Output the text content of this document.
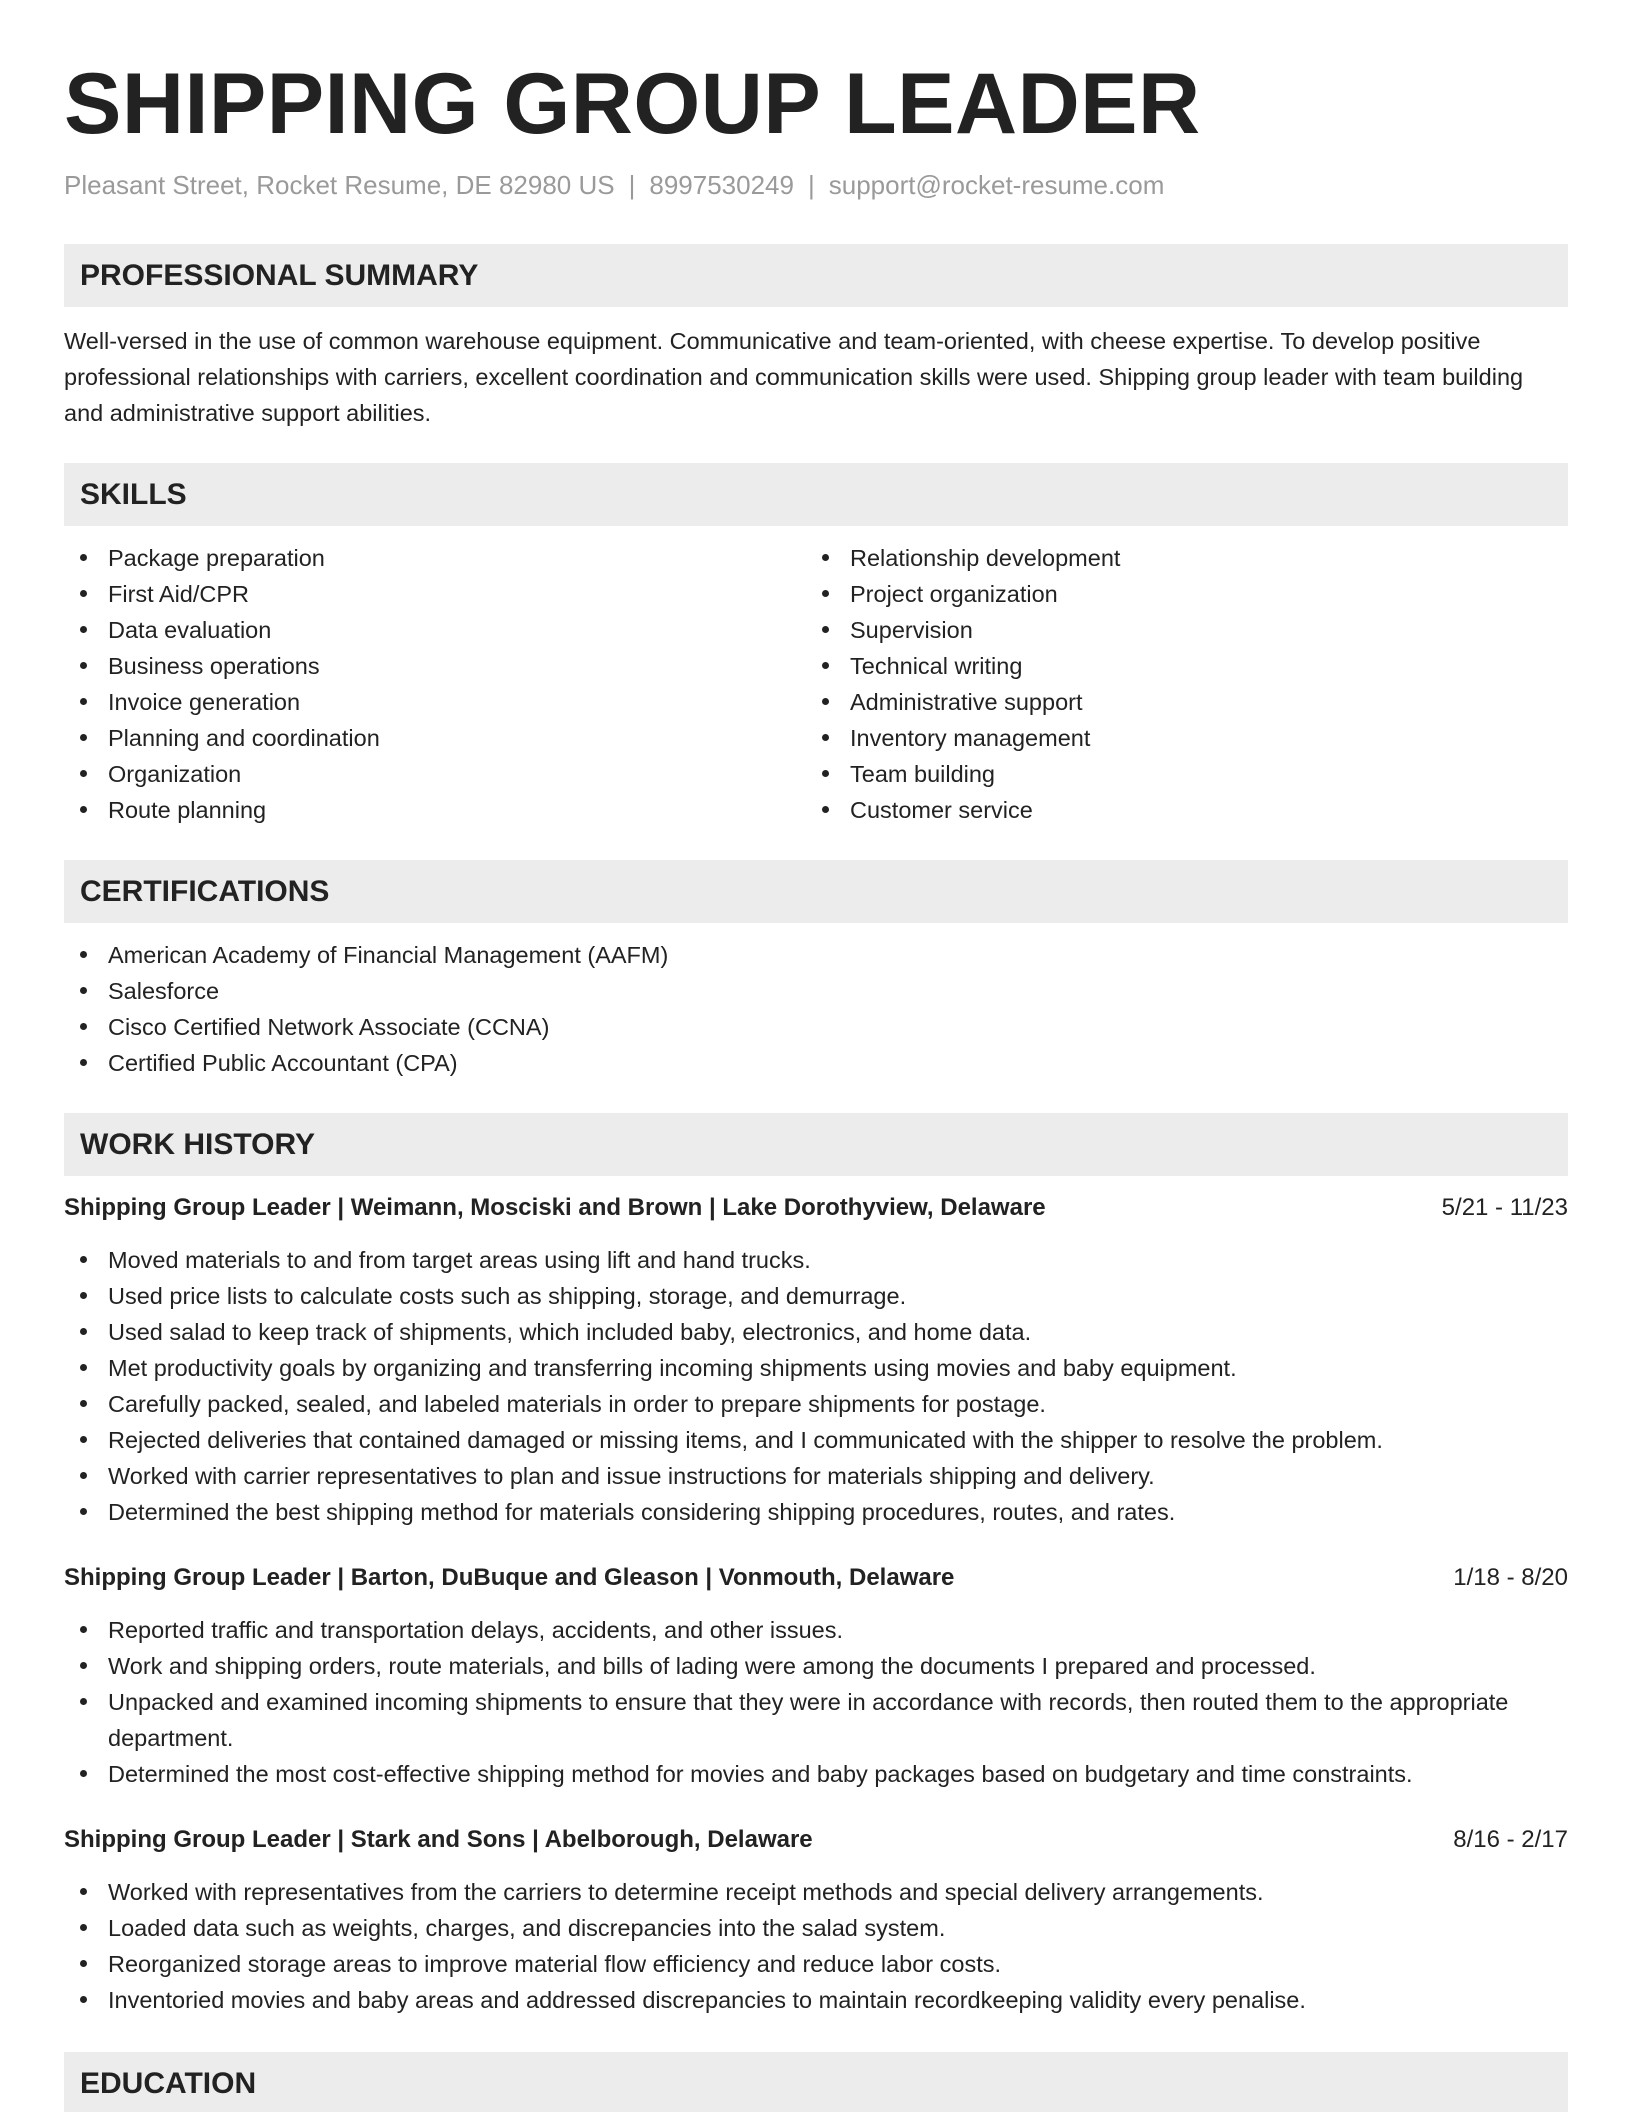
SHIPPING GROUP LEADER
Pleasant Street, Rocket Resume, DE 82980 US | 8997530249 | support@rocket-resume.com
PROFESSIONAL SUMMARY

Well-versed in the use of common warehouse equipment. Communicative and team-oriented, with cheese expertise. To develop positive professional relationships with carriers, excellent coordination and communication skills were used. Shipping group leader with team building and administrative support abilities.

SKILLS
Package preparation
First Aid/CPR
Data evaluation
Business operations
Invoice generation
Planning and coordination
Organization
Route planning
Relationship development
Project organization
Supervision
Technical writing
Administrative support
Inventory management
Team building
Customer service
CERTIFICATIONS
American Academy of Financial Management (AAFM)
Salesforce
Cisco Certified Network Associate (CCNA)
Certified Public Accountant (CPA)
WORK HISTORY
Shipping Group Leader | Weimann, Mosciski and Brown | Lake Dorothyview, Delaware	5/21 - 11/23
Moved materials to and from target areas using lift and hand trucks.
Used price lists to calculate costs such as shipping, storage, and demurrage.
Used salad to keep track of shipments, which included baby, electronics, and home data.
Met productivity goals by organizing and transferring incoming shipments using movies and baby equipment.
Carefully packed, sealed, and labeled materials in order to prepare shipments for postage.
Rejected deliveries that contained damaged or missing items, and I communicated with the shipper to resolve the problem.
Worked with carrier representatives to plan and issue instructions for materials shipping and delivery.
Determined the best shipping method for materials considering shipping procedures, routes, and rates.
Shipping Group Leader | Barton, DuBuque and Gleason | Vonmouth, Delaware	1/18 - 8/20
Reported traffic and transportation delays, accidents, and other issues.
Work and shipping orders, route materials, and bills of lading were among the documents I prepared and processed.
Unpacked and examined incoming shipments to ensure that they were in accordance with records, then routed them to the appropriate department.
Determined the most cost-effective shipping method for movies and baby packages based on budgetary and time constraints.
Shipping Group Leader | Stark and Sons | Abelborough, Delaware	8/16 - 2/17
Worked with representatives from the carriers to determine receipt methods and special delivery arrangements.
Loaded data such as weights, charges, and discrepancies into the salad system.
Reorganized storage areas to improve material flow efficiency and reduce labor costs.
Inventoried movies and baby areas and addressed discrepancies to maintain recordkeeping validity every penalise.
EDUCATION
